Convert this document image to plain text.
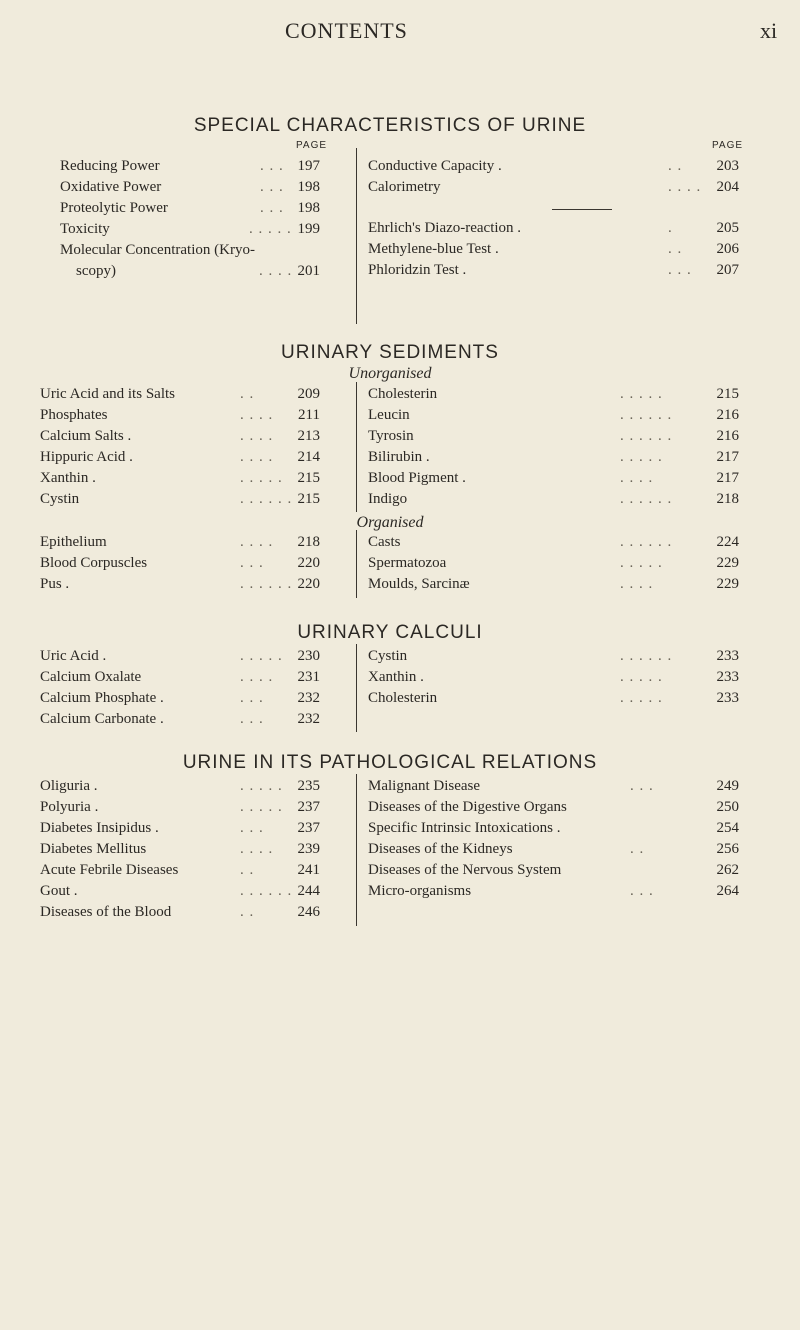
CONTENTS	xi
SPECIAL CHARACTERISTICS OF URINE
PAGE	PAGE
Reducing Power	. . . 197
Oxidative Power	. . . 198
Proteolytic Power	. . . 198
Toxicity	. . . . . 199
Molecular Concentration (Kryo-
scopy)	. . . . 201
Conductive Capacity .	. . 203
Calorimetry	. . . . 204
Ehrlich's Diazo-reaction .	.	205
Methylene-blue Test .	. . 206
Phloridzin Test .	. . . 207
URINARY SEDIMENTS
Unorganised
Uric Acid and its Salts	. .	209
Phosphates	. . . . 211
Calcium Salts .	. . . . 213
Hippuric Acid .	. . . . 214
Xanthin .	. . . . . 215
Cystin	. . . . . . 215
Cholesterin	. . . . .	215
Leucin	. . . . . .	216
Tyrosin	. . . . . .	216
Bilirubin .	. . . . .	217
Blood Pigment .	. . . .	217
Indigo	. . . . . .	218
Organised
Epithelium	. . . . 218
Blood Corpuscles	. . . 220
Pus .	. . . . . . 220
Casts	. . . . . .	224
Spermatozoa	. . . . .	229
Moulds, Sarcinæ	. . . .	229
URINARY CALCULI
Uric Acid .	. . . . . 230
Calcium Oxalate	. . . . 231
Calcium Phosphate .	. . . 232
Calcium Carbonate .	. . . 232
Cystin	. . . . . .	233
Xanthin .	. . . . .	233
Cholesterin	. . . . .	233
URINE IN ITS PATHOLOGICAL RELATIONS
Oliguria .	. . . . . 235
Polyuria .	. . . . . 237
Diabetes Insipidus .	. . . 237
Diabetes Mellitus	. . . . 239
Acute Febrile Diseases	. .	241
Gout .	. . . . . . 244
Diseases of the Blood	. .	246
Malignant Disease	. . .	249
Diseases of the Digestive Organs	250
Specific Intrinsic Intoxications .	254
Diseases of the Kidneys	. .	256
Diseases of the Nervous System	262
Micro-organisms	. . .	264
